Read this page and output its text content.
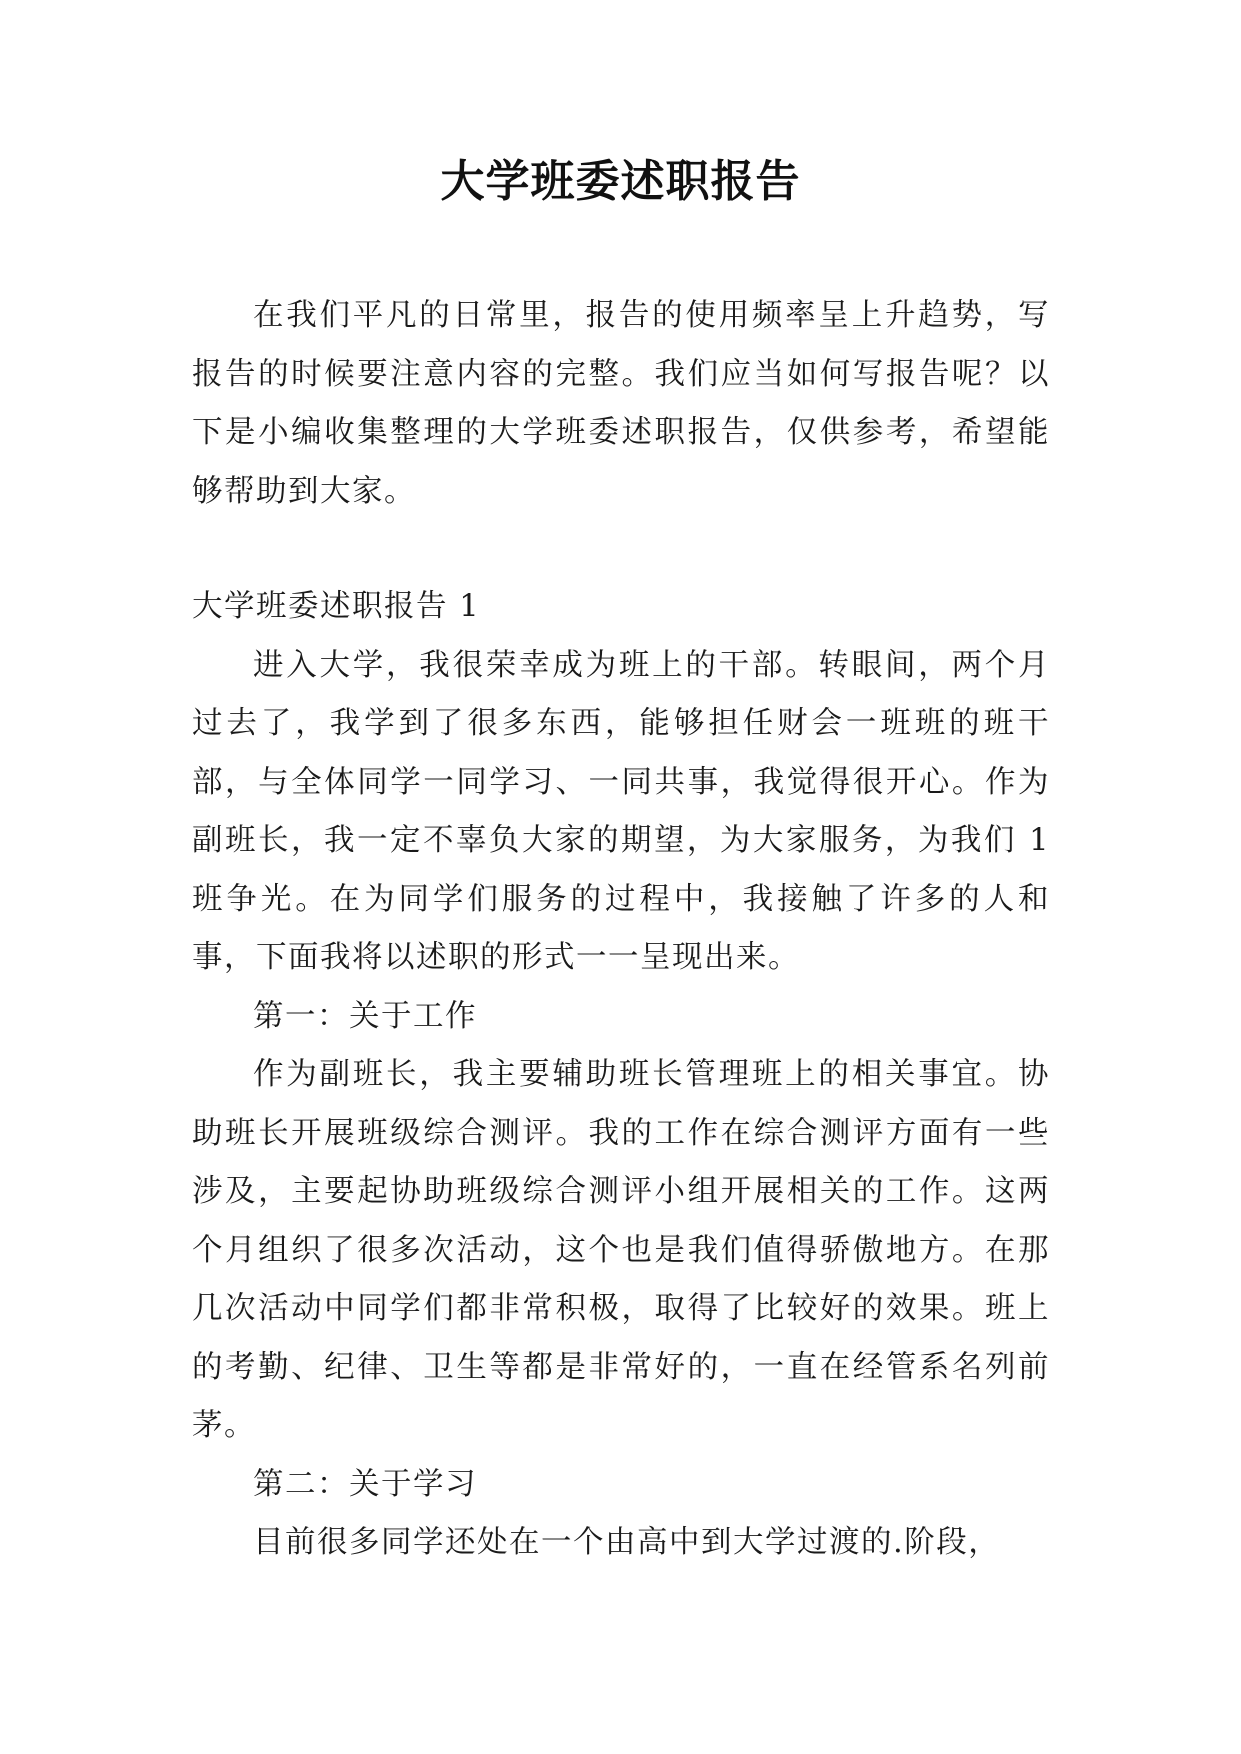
大学班委述职报告

在我们平凡的日常里，报告的使用频率呈上升趋势，写报告的时候要注意内容的完整。我们应当如何写报告呢？以下是小编收集整理的大学班委述职报告，仅供参考，希望能够帮助到大家。

大学班委述职报告 1

进入大学，我很荣幸成为班上的干部。转眼间，两个月过去了，我学到了很多东西，能够担任财会一班班的班干部，与全体同学一同学习、一同共事，我觉得很开心。作为副班长，我一定不辜负大家的期望，为大家服务，为我们 1 班争光。在为同学们服务的过程中，我接触了许多的人和事，下面我将以述职的形式一一呈现出来。

第一：关于工作

作为副班长，我主要辅助班长管理班上的相关事宜。协助班长开展班级综合测评。我的工作在综合测评方面有一些涉及，主要起协助班级综合测评小组开展相关的工作。这两个月组织了很多次活动，这个也是我们值得骄傲地方。在那几次活动中同学们都非常积极，取得了比较好的效果。班上的考勤、纪律、卫生等都是非常好的，一直在经管系名列前茅。

第二：关于学习

目前很多同学还处在一个由高中到大学过渡的.阶段，
